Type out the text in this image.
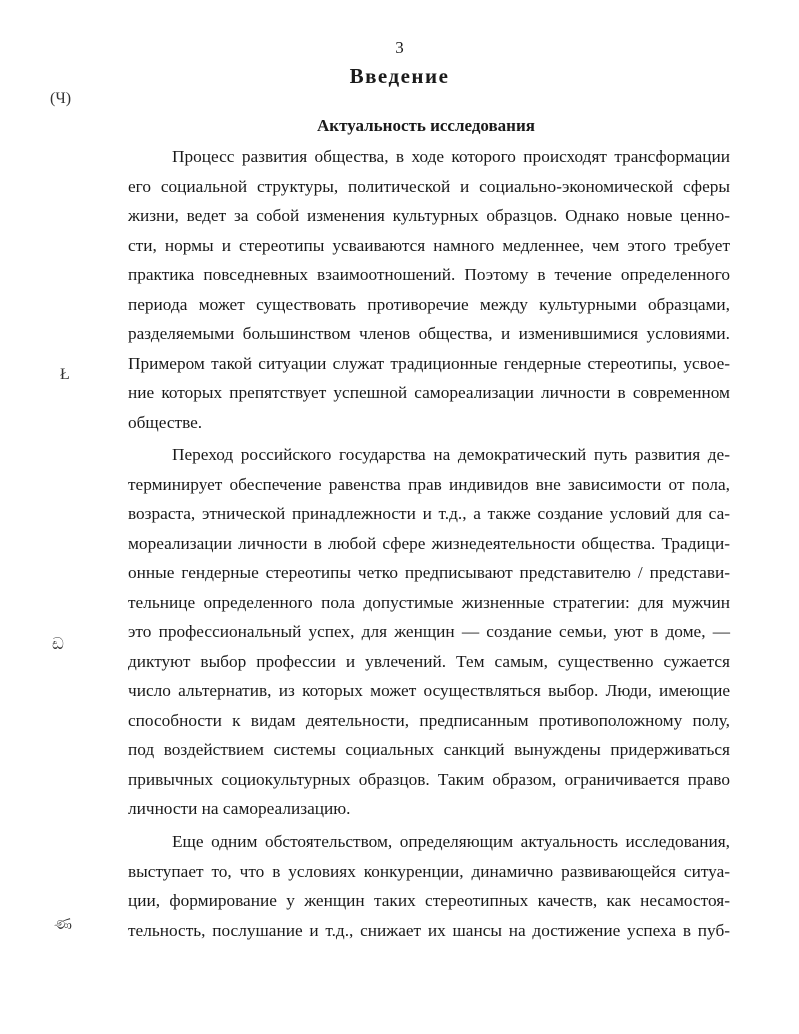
3
Введение
Актуальность исследования
(Ч)
Ł
ඩ
ණ
Процесс развития общества, в ходе которого происходят трансформации
его социальной структуры, политической и социально-экономической сферы
жизни, ведет за собой изменения культурных образцов. Однако новые ценно-
сти, нормы и стереотипы усваиваются намного медленнее, чем этого требует
практика повседневных взаимоотношений. Поэтому в течение определенного
периода может существовать противоречие между культурными образцами,
разделяемыми большинством членов общества, и изменившимися условиями.
Примером такой ситуации служат традиционные гендерные стереотипы, усвое-
ние которых препятствует успешной самореализации личности в современном
обществе.
Переход российского государства на демократический путь развития де-
терминирует обеспечение равенства прав индивидов вне зависимости от пола,
возраста, этнической принадлежности и т.д., а также создание условий для са-
мореализации личности в любой сфере жизнедеятельности общества. Традици-
онные гендерные стереотипы четко предписывают представителю / представи-
тельнице определенного пола допустимые жизненные стратегии: для мужчин
это профессиональный успех, для женщин — создание семьи, уют в доме, —
диктуют выбор профессии и увлечений. Тем самым, существенно сужается
число альтернатив, из которых может осуществляться выбор. Люди, имеющие
способности к видам деятельности, предписанным противоположному полу,
под воздействием системы социальных санкций вынуждены придерживаться
привычных социокультурных образцов. Таким образом, ограничивается право
личности на самореализацию.
Еще одним обстоятельством, определяющим актуальность исследования,
выступает то, что в условиях конкуренции, динамично развивающейся ситуа-
ции, формирование у женщин таких стереотипных качеств, как несамостоя-
тельность, послушание и т.д., снижает их шансы на достижение успеха в пуб-
